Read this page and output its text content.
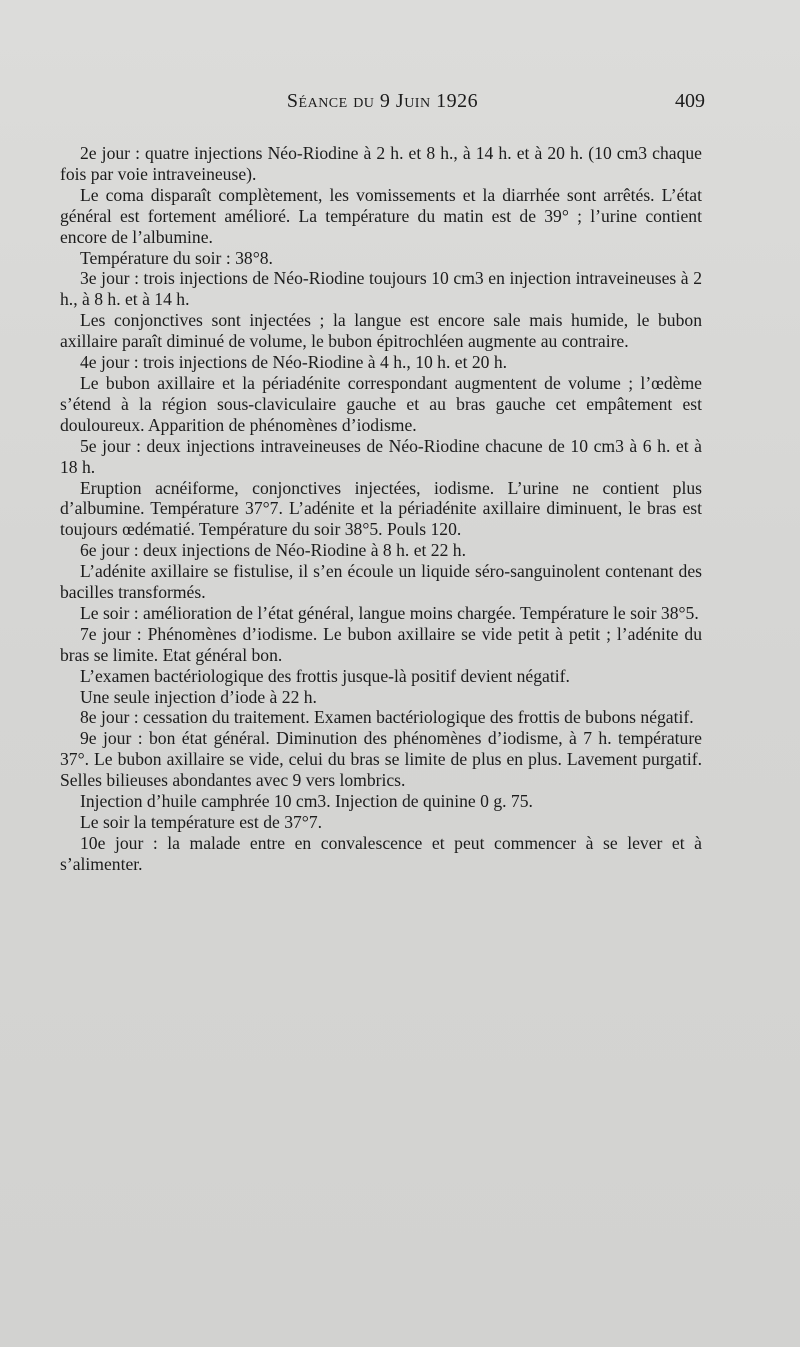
Séance du 9 Juin 1926	409

2e jour : quatre injections Néo-Riodine à 2 h. et 8 h., à 14 h. et à 20 h. (10 cm3 chaque fois par voie intraveineuse).

Le coma disparaît complètement, les vomissements et la diarrhée sont arrêtés. L’état général est fortement amélioré. La température du matin est de 39° ; l’urine contient encore de l’albumine.

Température du soir : 38°8.

3e jour : trois injections de Néo-Riodine toujours 10 cm3 en injection intraveineuses à 2 h., à 8 h. et à 14 h.

Les conjonctives sont injectées ; la langue est encore sale mais humide, le bubon axillaire paraît diminué de volume, le bubon épitrochléen augmente au contraire.

4e jour : trois injections de Néo-Riodine à 4 h., 10 h. et 20 h.

Le bubon axillaire et la périadénite correspondant augmentent de volume ; l’œdème s’étend à la région sous-claviculaire gauche et au bras gauche cet empâtement est douloureux. Apparition de phénomènes d’iodisme.

5e jour : deux injections intraveineuses de Néo-Riodine chacune de 10 cm3 à 6 h. et à 18 h.

Eruption acnéiforme, conjonctives injectées, iodisme. L’urine ne contient plus d’albumine. Température 37°7. L’adénite et la périadénite axillaire diminuent, le bras est toujours œdématié. Température du soir 38°5. Pouls 120.

6e jour : deux injections de Néo-Riodine à 8 h. et 22 h.

L’adénite axillaire se fistulise, il s’en écoule un liquide séro-sanguinolent contenant des bacilles transformés.

Le soir : amélioration de l’état général, langue moins chargée. Température le soir 38°5.

7e jour : Phénomènes d’iodisme. Le bubon axillaire se vide petit à petit ; l’adénite du bras se limite. Etat général bon.

L’examen bactériologique des frottis jusque-là positif devient négatif.

Une seule injection d’iode à 22 h.

8e jour : cessation du traitement. Examen bactériologique des frottis de bubons négatif.

9e jour : bon état général. Diminution des phénomènes d’iodisme, à 7 h. température 37°. Le bubon axillaire se vide, celui du bras se limite de plus en plus. Lavement purgatif. Selles bilieuses abondantes avec 9 vers lombrics.

Injection d’huile camphrée 10 cm3. Injection de quinine 0 g. 75.

Le soir la température est de 37°7.

10e jour : la malade entre en convalescence et peut commencer à se lever et à s’alimenter.
